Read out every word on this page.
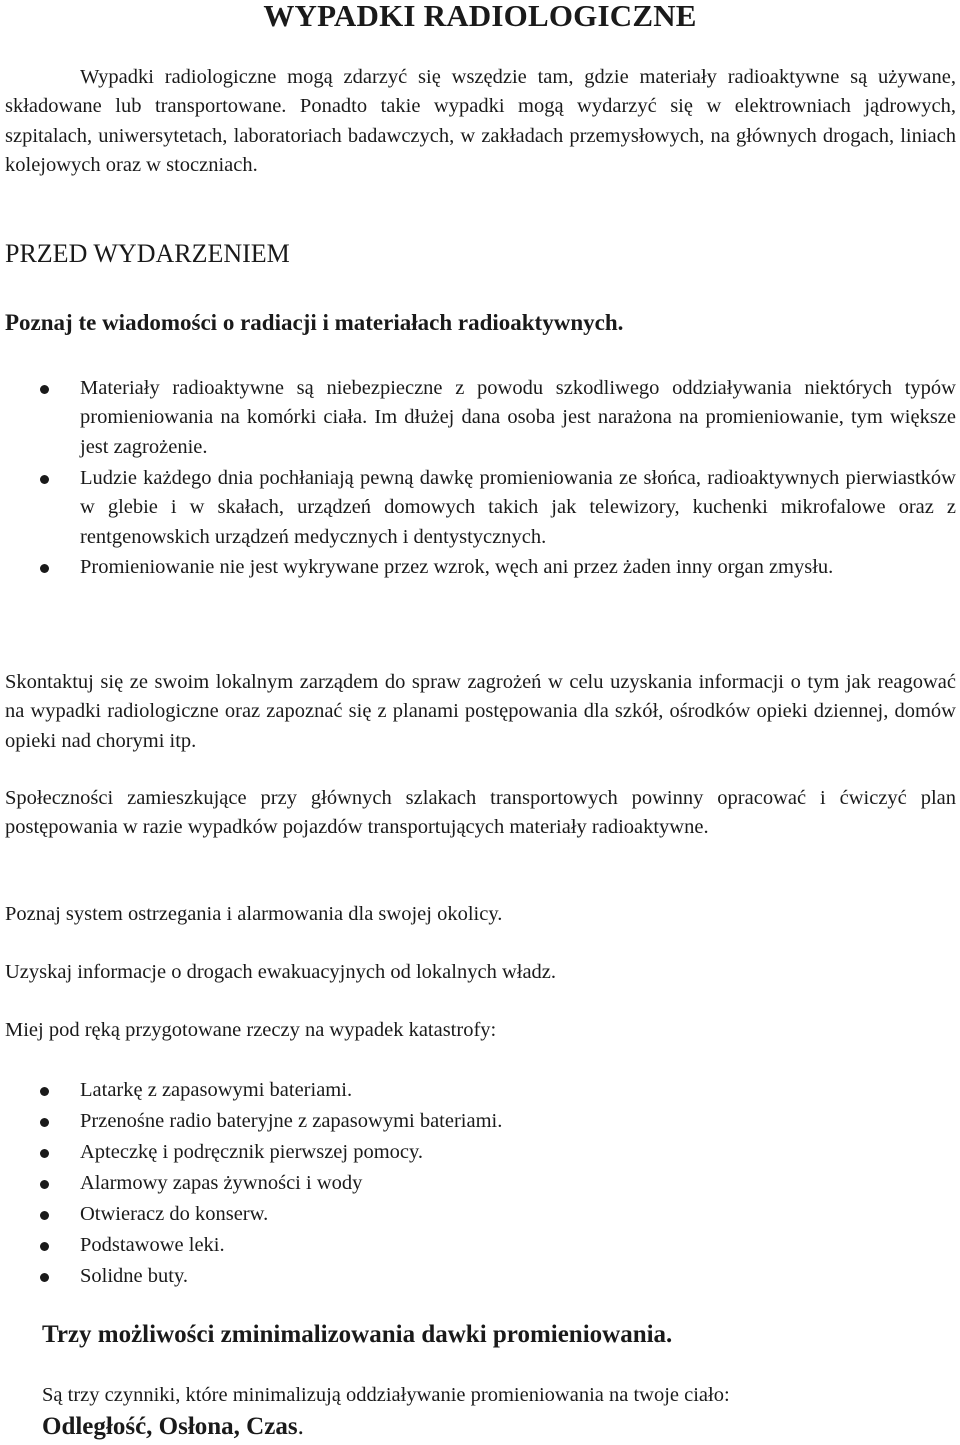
WYPADKI RADIOLOGICZNE

Wypadki radiologiczne mogą zdarzyć się wszędzie tam, gdzie materiały radioaktywne są używane, składowane lub transportowane. Ponadto takie wypadki mogą wydarzyć się w elektrowniach jądrowych, szpitalach, uniwersytetach, laboratoriach badawczych, w zakładach przemysłowych, na głównych drogach, liniach kolejowych oraz w stoczniach.

PRZED WYDARZENIEM
Poznaj te wiadomości o radiacji i materiałach radioaktywnych.
Materiały radioaktywne są niebezpieczne z powodu szkodliwego oddziaływania niektórych typów promieniowania na komórki ciała. Im dłużej dana osoba jest narażona na promieniowanie, tym większe jest zagrożenie.
Ludzie każdego dnia pochłaniają pewną dawkę promieniowania ze słońca, radioaktywnych pierwiastków w glebie i w skałach, urządzeń domowych takich jak telewizory, kuchenki mikrofalowe oraz z rentgenowskich urządzeń medycznych i dentystycznych.
Promieniowanie nie jest wykrywane przez wzrok, węch ani przez żaden inny organ zmysłu.

Skontaktuj się ze swoim lokalnym zarządem do spraw zagrożeń w celu uzyskania informacji o tym jak reagować na wypadki radiologiczne oraz zapoznać się z planami postępowania dla szkół, ośrodków opieki dziennej, domów opieki nad chorymi itp.

Społeczności zamieszkujące przy głównych szlakach transportowych powinny opracować i ćwiczyć plan postępowania w razie wypadków pojazdów transportujących materiały radioaktywne.

Poznaj system ostrzegania i alarmowania dla swojej okolicy.

Uzyskaj informacje o drogach ewakuacyjnych od lokalnych władz.

Miej pod ręką przygotowane rzeczy na wypadek katastrofy:

Latarkę z zapasowymi bateriami.
Przenośne radio bateryjne z zapasowymi bateriami.
Apteczkę i podręcznik pierwszej pomocy.
Alarmowy zapas żywności i wody
Otwieracz do konserw.
Podstawowe leki.
Solidne buty.
Trzy możliwości zminimalizowania dawki promieniowania.

Są trzy czynniki, które minimalizują oddziaływanie promieniowania na twoje ciało:

Odległość, Osłona, Czas.
